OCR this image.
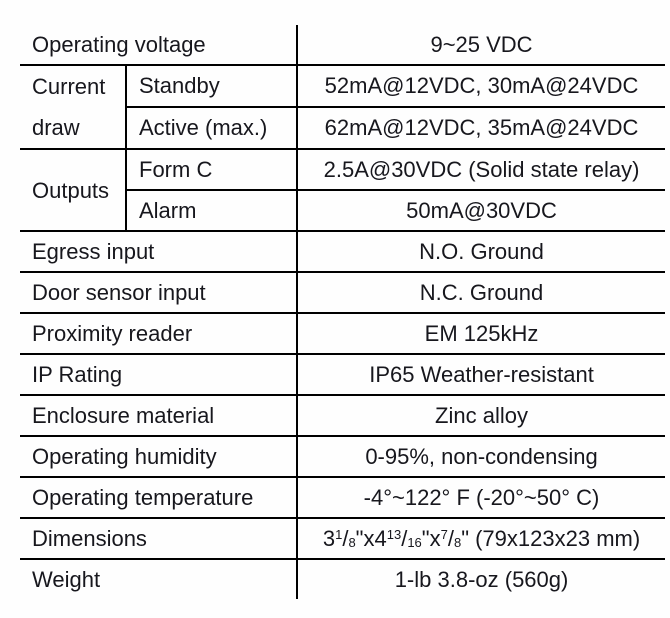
Operating voltage		9~25 VDC
Current draw	Standby	52mA@12VDC, 30mA@24VDC
	Active (max.)	62mA@12VDC, 35mA@24VDC
Outputs	Form C	2.5A@30VDC (Solid state relay)
	Alarm	50mA@30VDC
Egress input		N.O. Ground
Door sensor input		N.C. Ground
Proximity reader		EM 125kHz
IP Rating		IP65 Weather-resistant
Enclosure material		Zinc alloy
Operating humidity		0-95%, non-condensing
Operating temperature		-4°~122° F (-20°~50° C)
Dimensions		$3^1/8"x4^{13}/16"x^7/8$" (79x123x23 mm)
Weight		1-lb 3.8-oz (560g)
